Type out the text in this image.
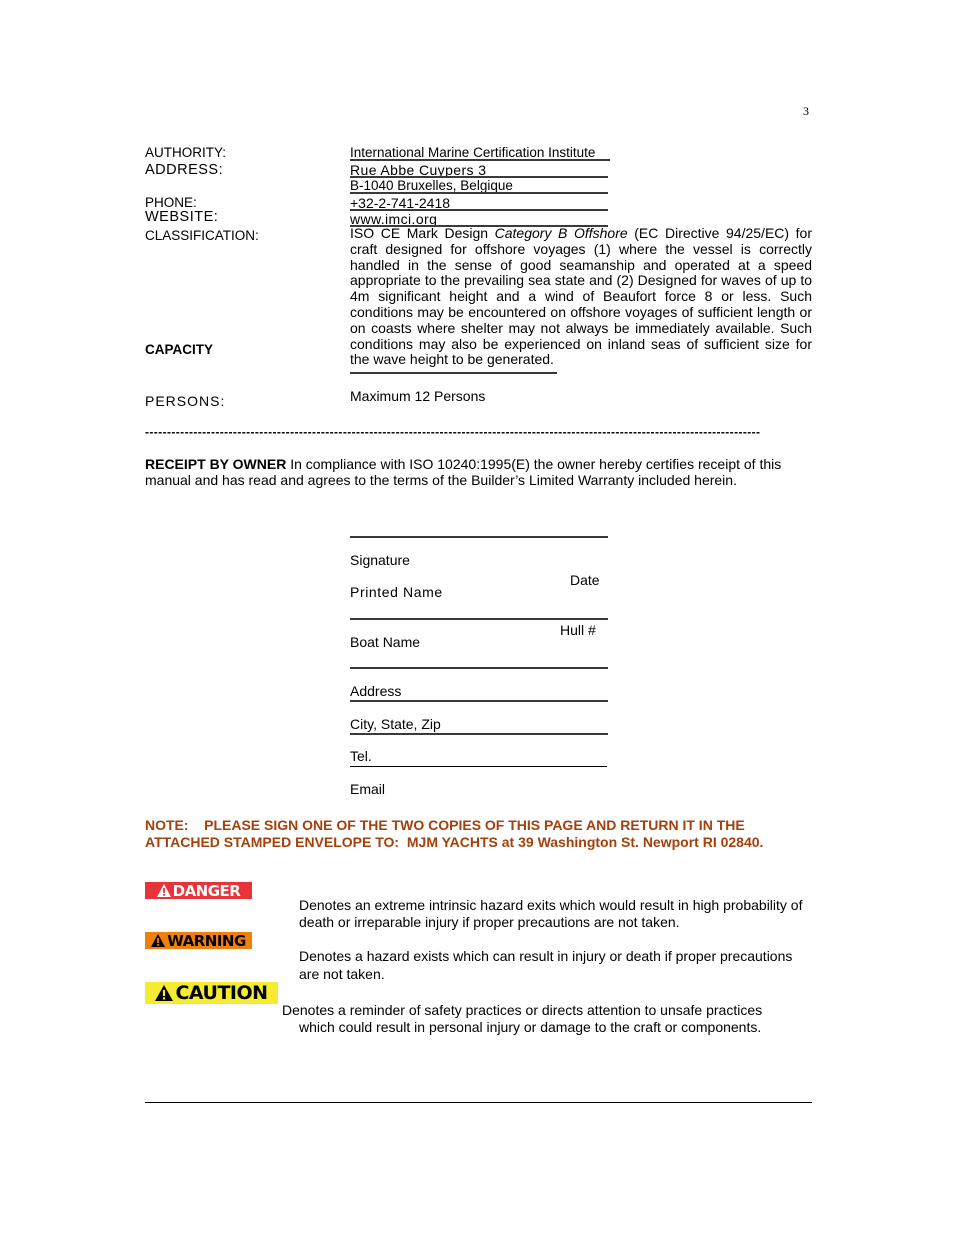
3
AUTHORITY:	International Marine Certification Institute
ADDRESS:	Rue Abbe Cuypers 3
B-1040 Bruxelles, Belgique
PHONE:	+32-2-741-2418
WEBSITE:	www.imci.org
CLASSIFICATION:	ISO CE Mark Design Category B Offshore (EC Directive 94/25/EC) for craft designed for offshore voyages (1) where the vessel is correctly handled in the sense of good seamanship and operated at a speed appropriate to the prevailing sea state and (2) Designed for waves of up to 4m significant height and a wind of Beaufort force 8 or less. Such conditions may be encountered on offshore voyages of sufficient length or on coasts where shelter may not always be immediately available. Such conditions may also be experienced on inland seas of sufficient size for the wave height to be generated.
CAPACITY
PERSONS:	Maximum 12 Persons
--------------------------------------------------------------------------------------------------------------------------------------------
RECEIPT BY OWNER In compliance with ISO 10240:1995(E) the owner hereby certifies receipt of this manual and has read and agrees to the terms of the Builder’s Limited Warranty included herein.
Signature
Date
Printed Name
Hull #
Boat Name
Address
City, State, Zip
Tel.
Email
NOTE:    PLEASE SIGN ONE OF THE TWO COPIES OF THIS PAGE AND RETURN IT IN THE
ATTACHED STAMPED ENVELOPE TO:  MJM YACHTS at 39 Washington St. Newport RI 02840.
DANGER
Denotes an extreme intrinsic hazard exits which would result in high probability of
death or irreparable injury if proper precautions are not taken.
WARNING
Denotes a hazard exists which can result in injury or death if proper precautions
are not taken.
CAUTION
Denotes a reminder of safety practices or directs attention to unsafe practices
which could result in personal injury or damage to the craft or components.
